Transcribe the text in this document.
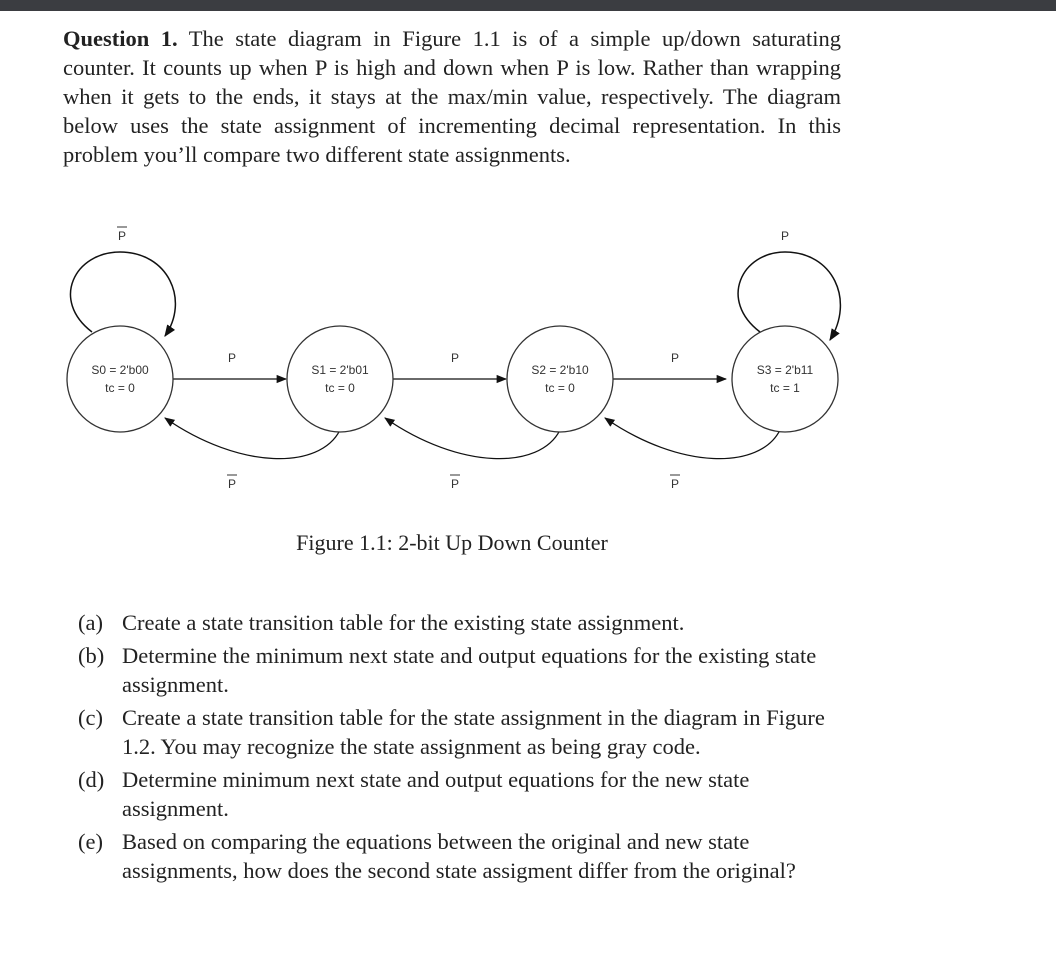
Question 1. The state diagram in Figure 1.1 is of a simple up/down saturating counter. It counts up when P is high and down when P is low. Rather than wrapping when it gets to the ends, it stays at the max/min value, respectively. The diagram below uses the state assignment of incrementing decimal representation. In this problem you’ll compare two different state assignments.
S0 = 2'b00
tc = 0
S1 = 2'b01
tc = 0
S2 = 2'b10
tc = 0
S3 = 2'b11
tc = 1
P	P
P	P	P
P	P	P
Figure 1.1: 2-bit Up Down Counter
(a) Create a state transition table for the existing state assignment.
(b) Determine the minimum next state and output equations for the existing state assignment.
(c) Create a state transition table for the state assignment in the diagram in Figure 1.2. You may recognize the state assignment as being gray code.
(d) Determine minimum next state and output equations for the new state assignment.
(e) Based on comparing the equations between the original and new state assignments, how does the second state assigment differ from the original?
